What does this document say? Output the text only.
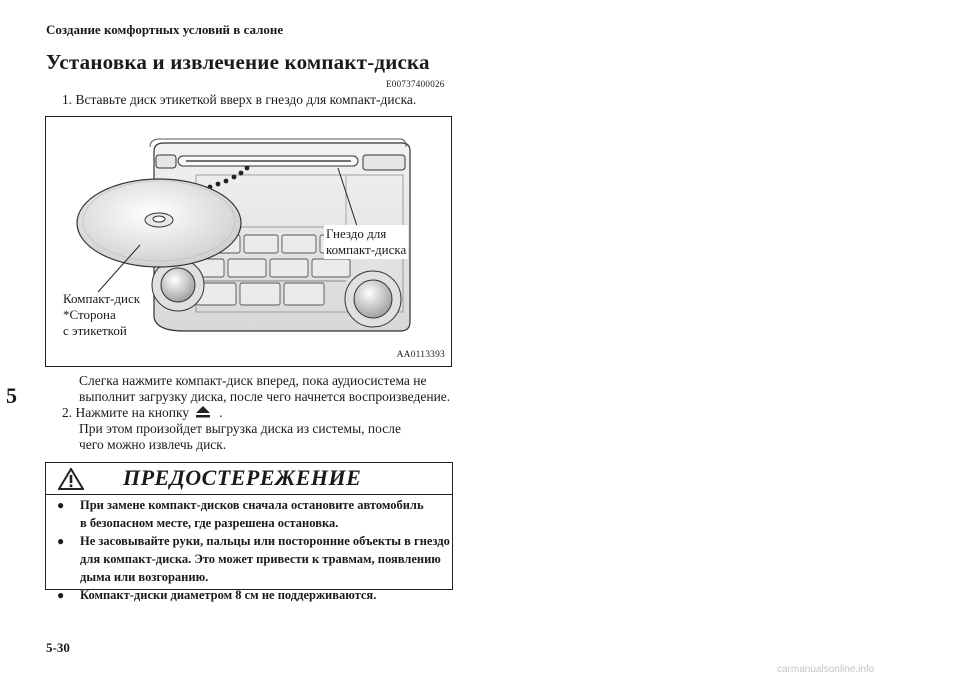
Создание комфортных условий в салоне
Установка и извлечение компакт-диска
E00737400026
1. Вставьте диск этикеткой вверх в гнездо для компакт-диска.
Гнездо для
компакт-диска
Компакт-диск
*Сторона
с этикеткой
AA0113393
Слегка нажмите компакт-диск вперед, пока аудиосистема не
выполнит загрузку диска, после чего начнется воспроизведение.
2. Нажмите на кнопку .
При этом произойдет выгрузка диска из системы, после
чего можно извлечь диск.
5
ПРЕДОСТЕРЕЖЕНИЕ
● При замене компакт-дисков сначала остановите автомобиль
в безопасном месте, где разрешена остановка.
● Не засовывайте руки, пальцы или посторонние объекты в гнездо
для компакт-диска. Это может привести к травмам, появлению
дыма или возгоранию.
● Компакт-диски диаметром 8 см не поддерживаются.
5-30
carmanualsonline.info
